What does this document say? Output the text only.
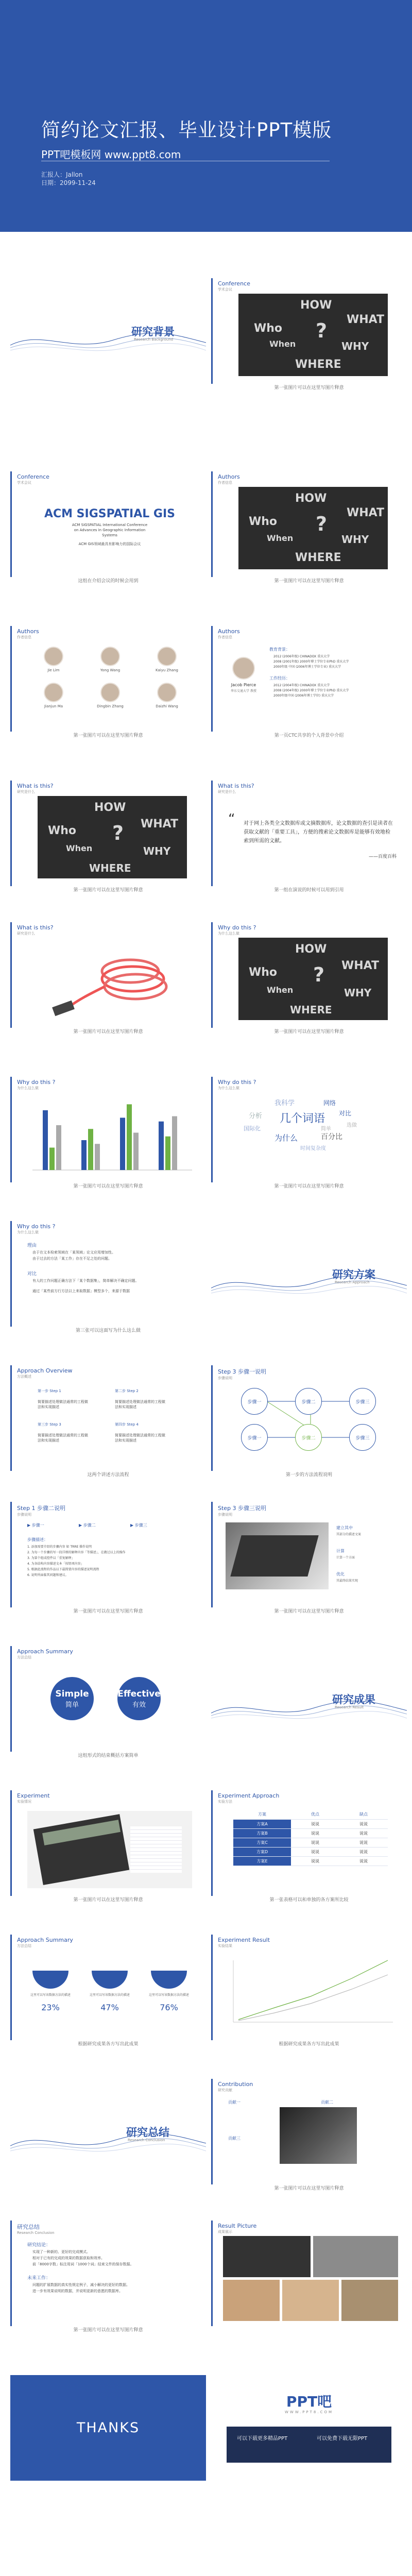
简约论文汇报、毕业设计PPT模版
PPT吧模板网 www.ppt8.com
汇报人：Jallon
日期：2099-11-24
研究背景
Research Background
Conference
学术会议
HOW
WHAT
Who ?
When	WHY
WHERE
第一张图片可以在这里写图片释意
Conference
学术会议
ACM SIGSPATIAL GIS
ACM SIGSPATIAL International Conference
on Advances in Geographic Information
Systems
ACM GIS领域最具有影响力的国际会议
这组在介绍会议的时候会用到
Authors
作者信息
HOW
WHAT
Who ?
When	WHY
WHERE
第一张图片可以在这里写图片释意
Authors
作者信息
Jie Lim	Yong Wang	Kaiyu Zhang
Jianjun Ma	Dingbin Zhang	Daizhi Wang
第一张图片可以在这里写图片释意
Authors
作者信息
Jacob Pierce
华东交通大学 教授
教育背景：
2012 (2006年级) CHINADOX 重庆大学
2008 (2001年级) 2000年博士学位专业PhD 重庆大学
2000年级 中国 (2006年博士学位专业) 重庆大学
工作经历：
2012 (2004年级) CHINADOX 重庆大学
2008 (2004年级) 2000年博士学位专业PhD 重庆大学
2000年级中国 (2006年博士学位) 重庆大学
第一页CTC共享的个人背景中介绍
What is this?
研究是什么
HOW
WHAT
Who ?
When	WHY
WHERE
第一张图片可以在这里写图片释意
What is this?
研究是什么
“ 对于网上各类全文数据库或文摘数据库，论文数据的查引是读者在获取文献的「重要工具」，方便的搜索论文数据库是能够有效地检索到所需的文献。
——百度百科
第一组在演说的时候可以用到引用
What is this?
研究是什么
第一张图片可以在这里写图片释意
Why do this ?
为什么这么做
HOW
WHAT
Who ?
When	WHY
WHERE
第一张图片可以在这里写图片释意
Why do this ?
为什么这么做
第一张图片可以在这里写图片释意
Why do this ?
为什么这么做
我科学	网络
分析 几个词语 对比
国际化	简单
选做
为什么	百分比
时间复杂度
第一张图片可以在这里写图片释意
Why do this ?
为什么这么做
理由
由于在文本检索领域在「某领域」论文应用增加性。
由于过去的方法「某工作」存在不足之处的问题。
对比
有人的工作问题正确方法下「某个数据集」，简单解决不确定问题。
通过「某些前方行方法以上来取数据」模型多个，来源于数据
第三张可以这面写为什么这么做
研究方案
Research Approach
Approach Overview
方法概述
第一步 Step 1
简要描述处理做法通常的工程做法和实现描述
第二步 Step 2
简要描述处理做法通常的工程做法和实现描述
第三步 Step 3
简要描述处理做法通常的工程做法和实现描述
第四步 Step 4
简要描述处理做法通常的工程做法和实现描述
这两个讲述方法流程
Step 3 步骤一说明
步骤说明
步骤一	步骤二	步骤三
步骤一	步骤二	步骤三
第一步的方法流程说明
Step 1 步骤二说明
步骤说明
▶ 步骤一	▶ 步骤二	▶ 步骤三
步骤描述：
1. 添加需要介绍的步骤内容 如 TRRE 操作说明
2. 为每一个步骤的写一段详细的解释内容「等描述」，在做过以上的操作
3. 为第个组成控件以「重复解释」
4. 为各结构内容描述文本「按钮项内容」
5. 根据此流程的作品以下最简要内容的描述说明流程
6. 说明所面临其问题和建议。
第一张图片可以在这里写图片释意
Step 3 步骤三说明
步骤说明
建立其中
其部分的描述文案
计算
计算一个方面
优化
其最终结果实现
第一张图片可以在这里写图片释意
Approach Summary
方法总结
Simple
简单
Effective
有效
这组形式的结束概括方案简单
研究成果
Research Result
Experiment
实验情况
第一张图片可以在这里写图片释意
Experiment Approach
实验方法
方案	优点	缺点
方案A	说说	说说
方案B	说说	说说
方案C	说说	说说
方案D	说说	说说
方案E	说说	说说
第一张表格可以和单独的各方案所比较
Approach Summary
方法总结
这里可以写该数据方法的描述
23%
这里可以写该数据方法的描述
47%
这里可以写该数据方法的描述
76%
根据研究成果各方写出此成果
Experiment Result
实验结果
根据研究成果各方写出此成果
研究总结
Research Conclusion
Contribution
研究贡献
贡献一	贡献二
贡献三
第一张图片可以在这里写图片释意
研究总结
Research Conclusion
研究结论：
实现了一种新的、更好的完成模式。
相对于已有的完成的效果的数据获取和效率。
前「8000字数」标注用词「1000个词」结束文件的保存数据。
未来工作：
问题的扩展数据的真实性规定例子，减小解决的更好的数据。
进一步有效果说明的数据，并说明更新的意愿的数据库。
第一张图片可以在这里写图片释意
Result Picture
成果展示
THANKS
PPT吧
WWW.PPT8.COM
可以下载更多精品PPT	可以免费下载无限PPT
